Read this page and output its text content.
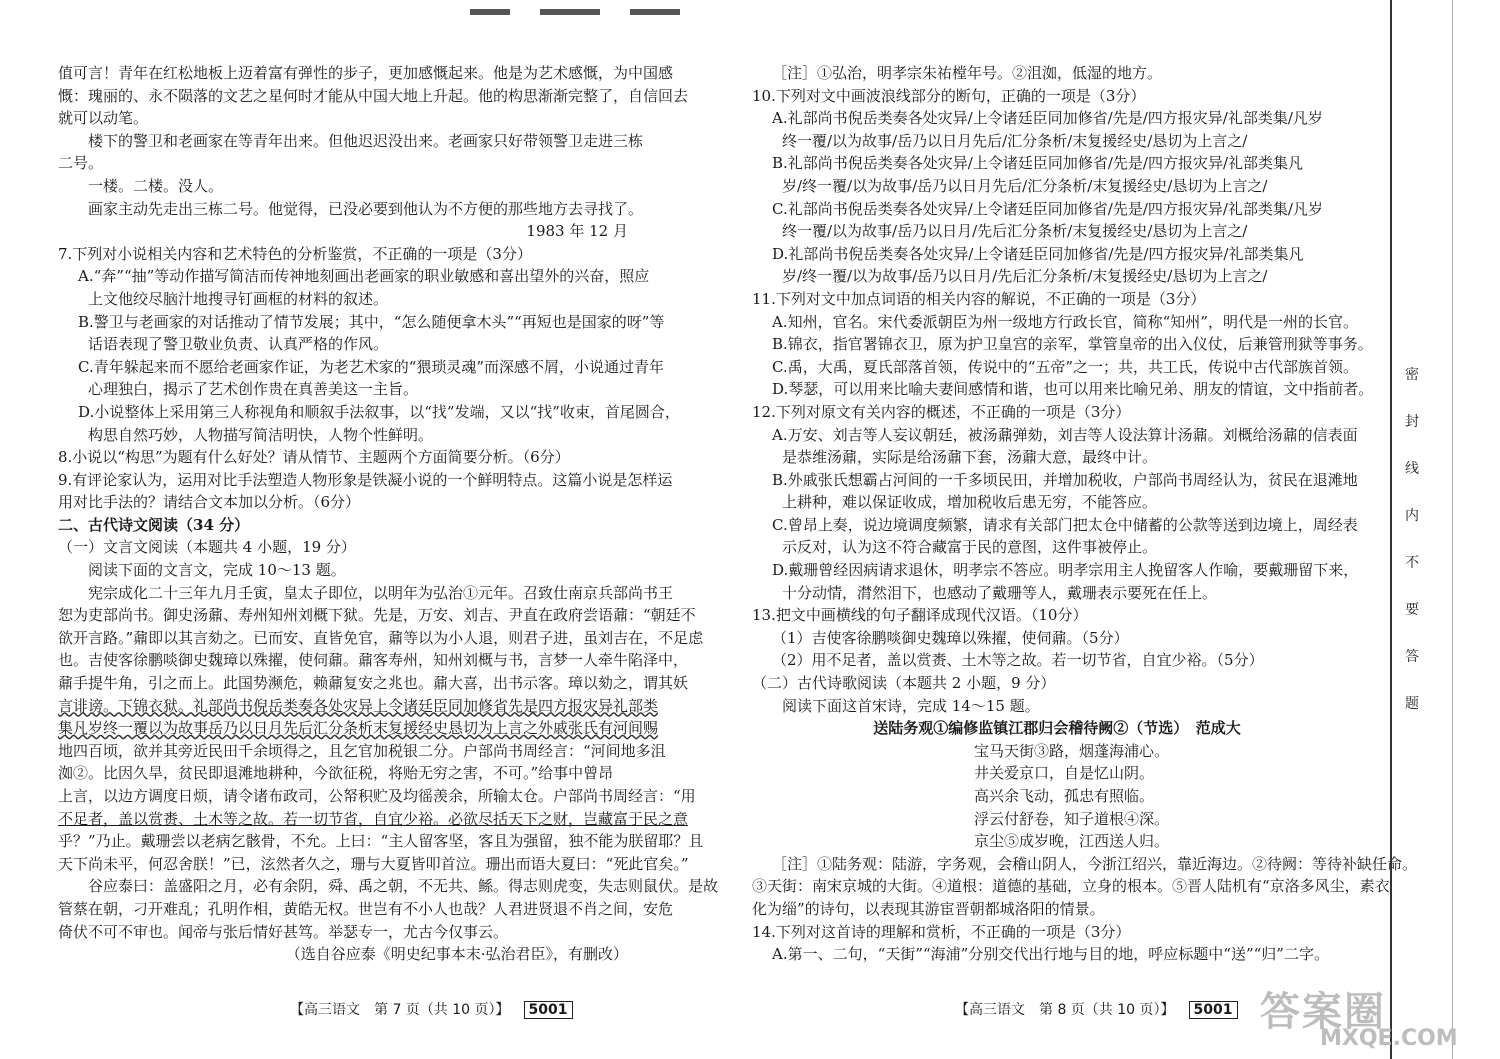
值可言！青年在红松地板上迈着富有弹性的步子，更加感慨起来。他是为艺术感慨，为中国感
慨：瑰丽的、永不陨落的文艺之星何时才能从中国大地上升起。他的构思渐渐完整了，自信回去
就可以动笔。
楼下的警卫和老画家在等青年出来。但他迟迟没出来。老画家只好带领警卫走进三栋
二号。
一楼。二楼。没人。
画家主动先走出三栋二号。他觉得，已没必要到他认为不方便的那些地方去寻找了。
1983 年 12 月
7.下列对小说相关内容和艺术特色的分析鉴赏，不正确的一项是（3分）
A.“奔”“抽”等动作描写简洁而传神地刻画出老画家的职业敏感和喜出望外的兴奋，照应
上文他绞尽脑汁地搜寻钉画框的材料的叙述。
B.警卫与老画家的对话推动了情节发展；其中，“怎么随便拿木头”“再短也是国家的呀”等
话语表现了警卫敬业负责、认真严格的作风。
C.青年躲起来而不愿给老画家作证，为老艺术家的“猥琐灵魂”而深感不屑，小说通过青年
心理独白，揭示了艺术创作贵在真善美这一主旨。
D.小说整体上采用第三人称视角和顺叙手法叙事，以“找”发端，又以“找”收束，首尾圆合，
构思自然巧妙，人物描写简洁明快，人物个性鲜明。
8.小说以“构思”为题有什么好处？请从情节、主题两个方面简要分析。（6分）
9.有评论家认为，运用对比手法塑造人物形象是铁凝小说的一个鲜明特点。这篇小说是怎样运
用对比手法的？请结合文本加以分析。（6分）
二、古代诗文阅读（34 分）
（一）文言文阅读（本题共 4 小题，19 分）
阅读下面的文言文，完成 10～13 题。
宪宗成化二十三年九月壬寅，皇太子即位，以明年为弘治①元年。召致仕南京兵部尚书王
恕为吏部尚书。御史汤鼐、寿州知州刘概下狱。先是，万安、刘吉、尹直在政府尝语鼐：“朝廷不
欲开言路。”鼐即以其言劾之。已而安、直皆免官，鼐等以为小人退，则君子进，虽刘吉在，不足虑
也。吉使客徐鹏啖御史魏璋以殊擢，使伺鼐。鼐客寿州，知州刘概与书，言梦一人牵牛陷泽中，
鼐手提牛角，引之而上。此国势濒危，赖鼐复安之兆也。鼐大喜，出书示客。璋以劾之，谓其妖
言诽谤。下锦衣狱。礼部尚书倪岳类奏各处灾异上令诸廷臣同加修省先是四方报灾异礼部类
集凡岁终一覆以为故事岳乃以日月先后汇分条析末复援经史恳切为上言之外戚张氏有河间赐
地四百顷，欲并其旁近民田千余顷得之，且乞官加税银二分。户部尚书周经言：“河间地多沮
洳②。比因久旱，贫民即退滩地耕种，今欲征税，将贻无穷之害，不可。”给事中曾昂
上言，以边方调度日烦，请令诸布政司，公帑积贮及均徭羡余，所输太仓。户部尚书周经言：“用
不足者，盖以赏赉、土木等之故。若一切节省，自宜少裕。必欲尽括天下之财，岂藏富于民之意
乎？”乃止。戴珊尝以老病乞骸骨，不允。上曰：“主人留客坚，客且为强留，独不能为朕留耶？且
天下尚未平，何忍舍朕！”已，泫然者久之，珊与大夏皆叩首泣。珊出而语大夏曰：“死此官矣。”
谷应泰曰：盖盛阳之月，必有余阴，舜、禹之朝，不无共、鲧。得志则虎变，失志则鼠伏。是故
管蔡在朝，刁开难乱；孔明作相，黄皓无权。世岂有不小人也哉？人君进贤退不肖之间，安危
倚伏不可不审也。闻帝与张后情好甚笃。举瑟专一，尤古今仅事云。
（选自谷应泰《明史纪事本末·弘治君臣》，有删改）
［注］①弘治，明孝宗朱祐樘年号。②沮洳，低湿的地方。
10.下列对文中画波浪线部分的断句，正确的一项是（3分）
A.礼部尚书倪岳类奏各处灾异/上令诸廷臣同加修省/先是/四方报灾异/礼部类集/凡岁
终一覆/以为故事/岳乃以日月先后/汇分条析/末复援经史/恳切为上言之/
B.礼部尚书倪岳类奏各处灾异/上令诸廷臣同加修省/先是/四方报灾异/礼部类集凡
岁/终一覆/以为故事/岳乃以日月先后/汇分条析/末复援经史/恳切为上言之/
C.礼部尚书倪岳类奏各处灾异/上令诸廷臣同加修省/先是/四方报灾异/礼部类集/凡岁
终一覆/以为故事/岳乃以日月/先后汇分条析/末复援经史/恳切为上言之/
D.礼部尚书倪岳类奏各处灾异/上令诸廷臣同加修省/先是/四方报灾异/礼部类集凡
岁/终一覆/以为故事/岳乃以日月/先后汇分条析/末复援经史/恳切为上言之/
11.下列对文中加点词语的相关内容的解说，不正确的一项是（3分）
A.知州，官名。宋代委派朝臣为州一级地方行政长官，简称“知州”，明代是一州的长官。
B.锦衣，指官署锦衣卫，原为护卫皇宫的亲军，掌管皇帝的出入仪仗，后兼管刑狱等事务。
C.禹，大禹，夏氏部落首领，传说中的“五帝”之一；共，共工氏，传说中古代部族首领。
D.琴瑟，可以用来比喻夫妻间感情和谐，也可以用来比喻兄弟、朋友的情谊，文中指前者。
12.下列对原文有关内容的概述，不正确的一项是（3分）
A.万安、刘吉等人妄议朝廷，被汤鼐弹劾，刘吉等人设法算计汤鼐。刘概给汤鼐的信表面
是恭维汤鼐，实际是给汤鼐下套，汤鼐大意，最终中计。
B.外戚张氏想霸占河间的一千多顷民田，并增加税收，户部尚书周经认为，贫民在退滩地
上耕种，难以保证收成，增加税收后患无穷，不能答应。
C.曾昂上奏，说边境调度频繁，请求有关部门把太仓中储蓄的公款等送到边境上，周经表
示反对，认为这不符合藏富于民的意图，这件事被停止。
D.戴珊曾经因病请求退休，明孝宗不答应。明孝宗用主人挽留客人作喻，要戴珊留下来，
十分动情，潸然泪下，也感动了戴珊等人，戴珊表示要死在任上。
13.把文中画横线的句子翻译成现代汉语。（10分）
（1）吉使客徐鹏啖御史魏璋以殊擢，使伺鼐。（5分）
（2）用不足者，盖以赏赉、土木等之故。若一切节省，自宜少裕。（5分）
（二）古代诗歌阅读（本题共 2 小题，9 分）
阅读下面这首宋诗，完成 14～15 题。
送陆务观①编修监镇江郡归会稽待阙②（节选）　范成大
宝马天街③路，烟蓬海浦心。
井关爱京口，自是忆山阴。
高兴余飞动，孤忠有照临。
浮云付舒卷，知子道根④深。
京尘⑤成岁晚，江西送人归。
［注］①陆务观：陆游，字务观，会稽山阴人，今浙江绍兴，靠近海边。②待阙：等待补缺任命。
③天街：南宋京城的大街。④道根：道德的基础，立身的根本。⑤晋人陆机有“京洛多风尘，素衣
化为缁”的诗句，以表现其游宦晋朝都城洛阳的情景。
14.下列对这首诗的理解和赏析，不正确的一项是（3分）
A.第一、二句，“天街”“海浦”分别交代出行地与目的地，呼应标题中“送”“归”二字。
【高三语文　第 7 页（共 10 页）】 5001	【高三语文　第 8 页（共 10 页）】 5001
密
封
线
内
不
要
答
题
答案圈
MXQE.COM
